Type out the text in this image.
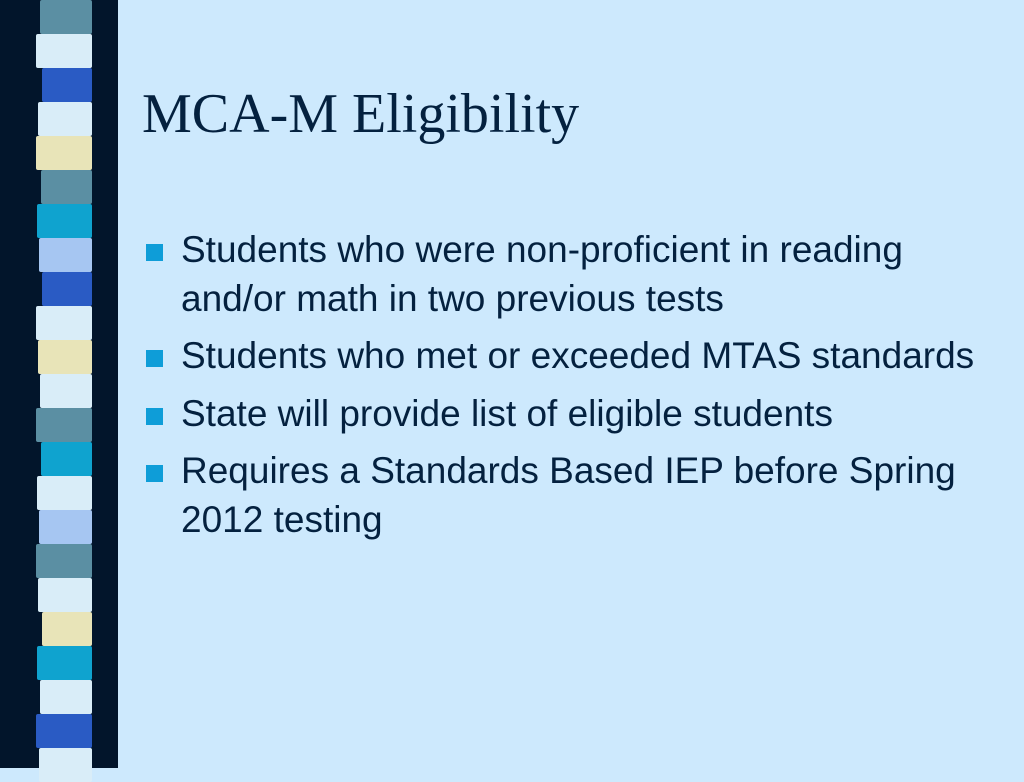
MCA-M Eligibility
Students who were non-proficient in reading and/or math in two previous tests
Students who met or exceeded MTAS standards
State will provide list of eligible students
Requires a Standards Based IEP before Spring 2012 testing
